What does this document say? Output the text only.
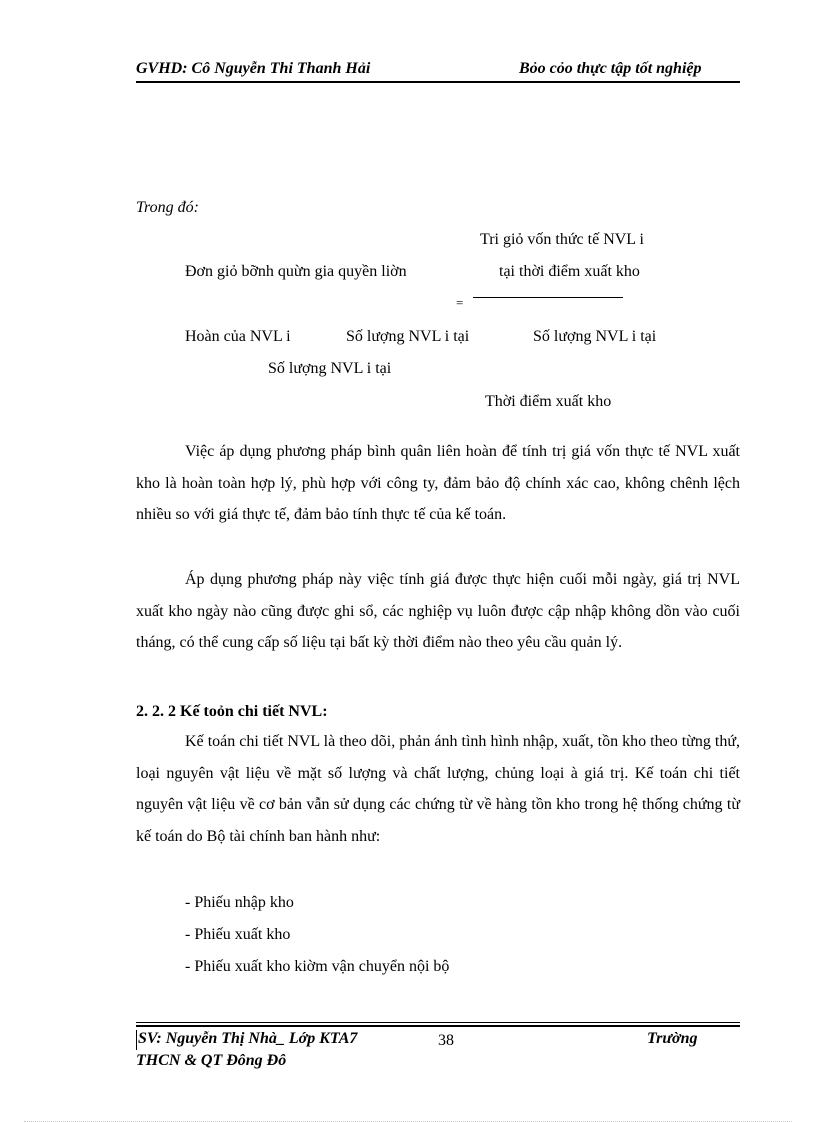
GVHD: Cô Nguyễn Thi Thanh Hải	Bỏo cỏo thực tập tốt nghiệp
Trong đó:
Tri giỏ vốn thức tế NVL i
Đơn giỏ bỡnh quừn gia quyền liờn	tại thời điểm xuất kho
=
Hoàn của NVL i	Số lượng NVL i tại	Số lượng NVL i tại
Số lượng NVL i tại
Thời điểm xuất kho

Việc áp dụng phương pháp bình quân liên hoàn để tính trị giá vốn thực tế NVL xuất kho là hoàn toàn hợp lý, phù hợp với công ty, đảm bảo độ chính xác cao, không chênh lệch nhiều so với giá thực tế, đảm bảo tính thực tế của kế toán.

Áp dụng phương pháp này việc tính giá được thực hiện cuối mỗi ngày, giá trị NVL xuất kho ngày nào cũng được ghi sổ, các nghiệp vụ luôn được cập nhập không dồn vào cuối tháng, có thể cung cấp số liệu tại bất kỳ thời điểm nào theo yêu cầu quản lý.

2. 2. 2 Kế toỏn chi tiết NVL:

Kế toán chi tiết NVL là theo dõi, phản ánh tình hình nhập, xuất, tồn kho theo từng thứ, loại nguyên vật liệu về mặt số lượng và chất lượng, chủng loại à giá trị. Kế toán chi tiết nguyên vật liệu về cơ bản vẫn sử dụng các chứng từ về hàng tồn kho trong hệ thống chứng từ kế toán do Bộ tài chính ban hành như:

- Phiếu nhập kho
- Phiếu xuất kho
- Phiếu xuất kho kiờm vận chuyển nội bộ
SV: Nguyễn Thị Nhà_ Lớp KTA7	38	Trường
THCN & QT Đông Đô
